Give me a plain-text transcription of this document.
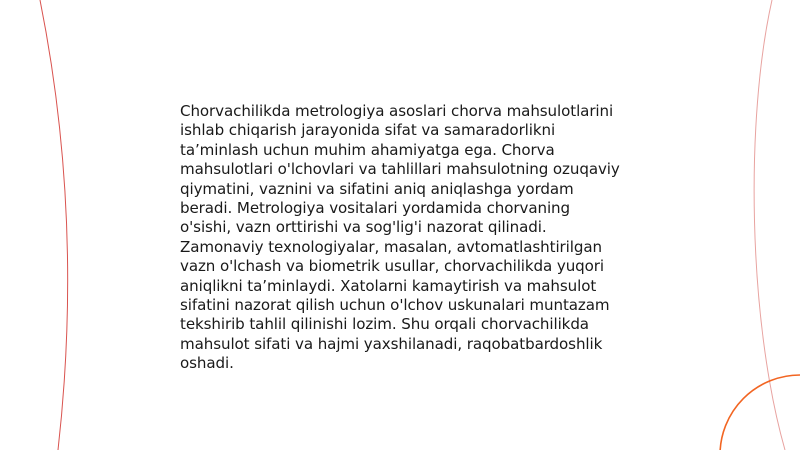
Chorvachilikda metrologiya asoslari chorva mahsulotlarini ishlab chiqarish jarayonida sifat va samaradorlikni taʼminlash uchun muhim ahamiyatga ega. Chorva mahsulotlari o'lchovlari va tahlillari mahsulotning ozuqaviy qiymatini, vaznini va sifatini aniq aniqlashga yordam beradi. Metrologiya vositalari yordamida chorvaning o'sishi, vazn orttirishi va sog'lig'i nazorat qilinadi. Zamonaviy texnologiyalar, masalan, avtomatlashtirilgan vazn o'lchash va biometrik usullar, chorvachilikda yuqori aniqlikni taʼminlaydi. Xatolarni kamaytirish va mahsulot sifatini nazorat qilish uchun o'lchov uskunalari muntazam tekshirib tahlil qilinishi lozim. Shu orqali chorvachilikda mahsulot sifati va hajmi yaxshilanadi, raqobatbardoshlik oshadi.
